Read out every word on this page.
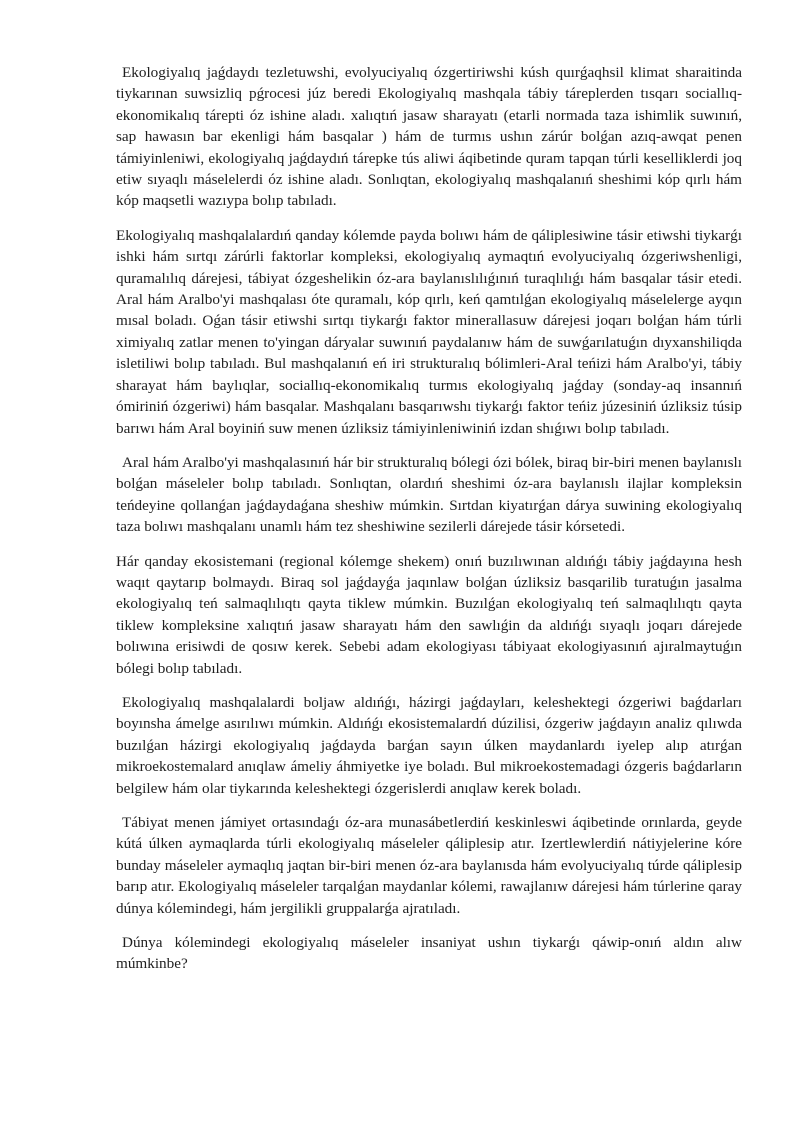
Ekologiyalıq jaǵdaydı tezletuwshi, evolyuciyalıq ózgertiriwshi kúsh quırǵaqhsil klimat sharaitinda tiykarınan suwsizliq pǵrocesi júz beredi Ekologiyalıq mashqala tábiy táreplerden tısqarı sociallıq-ekonomikalıq tárepti óz ishine aladı. xalıqtıń jasaw sharayatı (etarli normada taza ishimlik suwınıń, sap hawasın bar ekenligi hám basqalar ) hám de turmıs ushın zárúr bolǵan azıq-awqat penen támiyinleniwi, ekologiyalıq jaǵdaydıń tárepke tús aliwi áqibetinde quram tapqan túrli keselliklerdi joq etiw sıyaqlı máselelerdi óz ishine aladı. Sonlıqtan, ekologiyalıq mashqalanıń sheshimi kóp qırlı hám kóp maqsetli wazıypa bolıp tabıladı.

Ekologiyalıq mashqalalardıń qanday kólemde payda bolıwı hám de qáliplesiwine tásir etiwshi tiykarǵı ishki hám sırtqı zárúrli faktorlar kompleksi, ekologiyalıq aymaqtıń evolyuciyalıq ózgeriwshenligi, quramalılıq dárejesi, tábiyat ózgeshelikin óz-ara baylanıslılıǵınıń turaqlılıǵı hám basqalar tásir etedi. Aral hám Aralbo'yi mashqalası óte quramalı, kóp qırlı, keń qamtılǵan ekologiyalıq máselelerge ayqın mısal boladı. Oǵan tásir etiwshi sırtqı tiykarǵı faktor minerallasuw dárejesi joqarı bolǵan hám túrli ximiyalıq zatlar menen to'yingan dáryalar suwınıń paydalanıw hám de suwǵarılatuǵın dıyxanshiliqda isletiliwi bolıp tabıladı. Bul mashqalanıń eń iri strukturalıq bólimleri-Aral teńizi hám Aralbo'yi, tábiy sharayat hám baylıqlar, sociallıq-ekonomikalıq turmıs ekologiyalıq jaǵday (sonday-aq insannıń ómiriniń ózgeriwi) hám basqalar. Mashqalanı basqarıwshı tiykarǵı faktor teńiz júzesiniń úzliksiz túsip barıwı hám Aral boyiniń suw menen úzliksiz támiyinleniwiniń izdan shıǵıwı bolıp tabıladı.

Aral hám Aralbo'yi mashqalasınıń hár bir strukturalıq bólegi ózi bólek, biraq bir-biri menen baylanıslı bolǵan máseleler bolıp tabıladı. Sonlıqtan, olardıń sheshimi óz-ara baylanıslı ilajlar kompleksin teńdeyine qollanǵan jaǵdaydaǵana sheshiw múmkin. Sırtdan kiyatırǵan dárya suwining ekologiyalıq taza bolıwı mashqalanı unamlı hám tez sheshiwine sezilerli dárejede tásir kórsetedi.

Hár qanday ekosistemani (regional kólemge shekem) onıń buzılıwınan aldıńǵı tábiy jaǵdayına hesh waqıt qaytarıp bolmaydı. Biraq sol jaǵdayǵa jaqınlaw bolǵan úzliksiz basqarilib turatuǵın jasalma ekologiyalıq teń salmaqlılıqtı qayta tiklew múmkin. Buzılǵan ekologiyalıq teń salmaqlılıqtı qayta tiklew kompleksine xalıqtıń jasaw sharayatı hám den sawlıǵin da aldıńǵı sıyaqlı joqarı dárejede bolıwına erisiwdi de qosıw kerek. Sebebi adam ekologiyası tábiyaat ekologiyasınıń ajıralmaytuǵın bólegi bolıp tabıladı.

Ekologiyalıq mashqalalardi boljaw aldıńǵı, házirgi jaǵdayları, keleshektegi ózgeriwi baǵdarları boyınsha ámelge asırılıwı múmkin. Aldıńǵı ekosistemalardń dúzilisi, ózgeriw jaǵdayın analiz qılıwda buzılǵan házirgi ekologiyalıq jaǵdayda barǵan sayın úlken maydanlardı iyelep alıp atırǵan mikroekostemalard anıqlaw ámeliy áhmiyetke iye boladı. Bul mikroekostemadagi ózgeris baǵdarların belgilew hám olar tiykarında keleshektegi ózgerislerdi anıqlaw kerek boladı.

Tábiyat menen jámiyet ortasındaǵı óz-ara munasábetlerdiń keskinleswi áqibetinde orınlarda, geyde kútá úlken aymaqlarda túrli ekologiyalıq máseleler qáliplesip atır. Izertlewlerdiń nátiyjelerine kóre bunday máseleler aymaqlıq jaqtan bir-biri menen óz-ara baylanısda hám evolyuciyalıq túrde qáliplesip barıp atır. Ekologiyalıq máseleler tarqalǵan maydanlar kólemi, rawajlanıw dárejesi hám túrlerine qaray dúnya kólemindegi, hám jergilikli gruppalarǵa ajratıladı.

Dúnya kólemindegi ekologiyalıq máseleler insaniyat ushın tiykarǵı qáwip-onıń aldın alıw múmkinbe?
